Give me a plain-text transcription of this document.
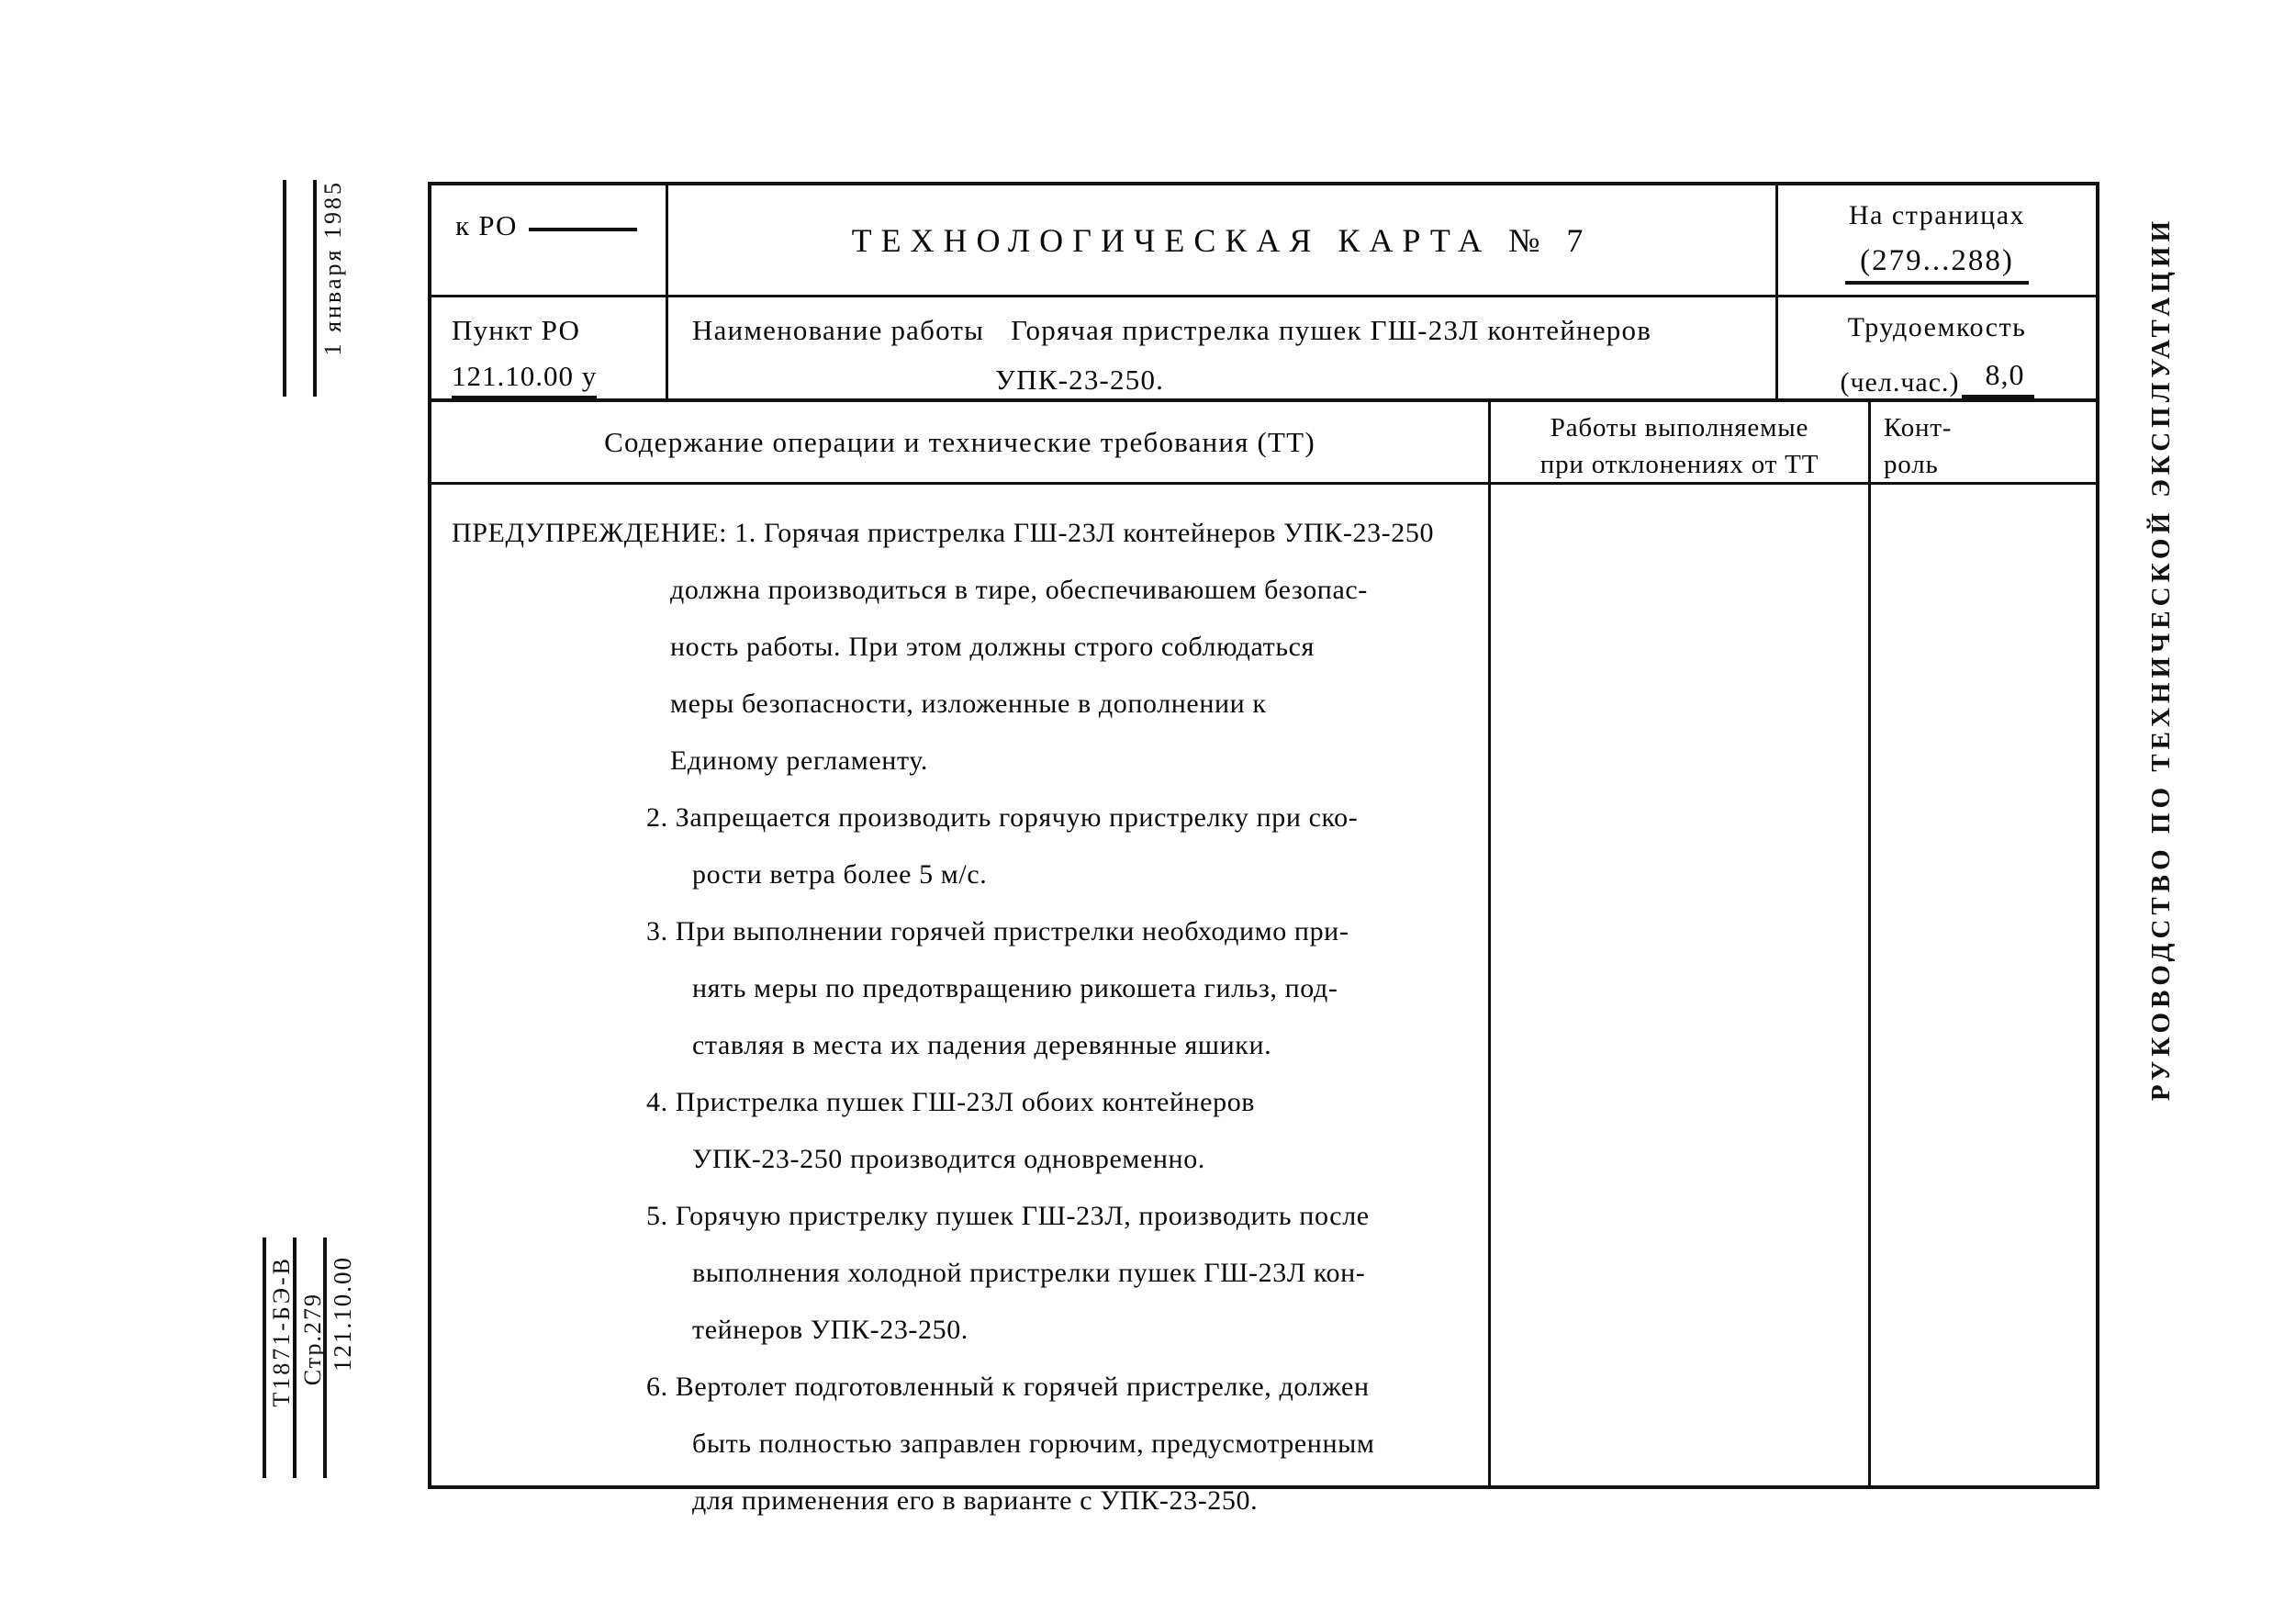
1 января 1985
Т1871-БЭ-В Стр.279 121.10.00
РУКОВОДСТВО ПО ТЕХНИЧЕСКОЙ ЭКСПЛУАТАЦИИ
к РО	ТЕХНОЛОГИЧЕСКАЯ КАРТА № 7
На страницах
(279...288)
Пункт РО
121.10.00 у
Наименование работы Горячая пристрелка пушек ГШ-23Л контейнеров
УПК-23-250.
Трудоемкость
(чел.час.) 8,0
Содержание операции и технические требования (ТТ)	Работы выполняемые
при отклонениях от ТТ
Конт-
роль
ПРЕДУПРЕЖДЕНИЕ: 1. Горячая пристрелка ГШ-23Л контейнеров УПК-23-250
должна производиться в тире, обеспечиваюшем безопас-
ность работы. При этом должны строго соблюдаться
меры безопасности, изложенные в дополнении к
Единому регламенту.
2. Запрещается производить горячую пристрелку при ско-
рости ветра более 5 м/с.
3. При выполнении горячей пристрелки необходимо при-
нять меры по предотвращению рикошета гильз, под-
ставляя в места их падения деревянные яшики.
4. Пристрелка пушек ГШ-23Л обоих контейнеров
УПК-23-250 производится одновременно.
5. Горячую пристрелку пушек ГШ-23Л, производить после
выполнения холодной пристрелки пушек ГШ-23Л кон-
тейнеров УПК-23-250.
6. Вертолет подготовленный к горячей пристрелке, должен
быть полностью заправлен горючим, предусмотренным
для применения его в варианте с УПК-23-250.
